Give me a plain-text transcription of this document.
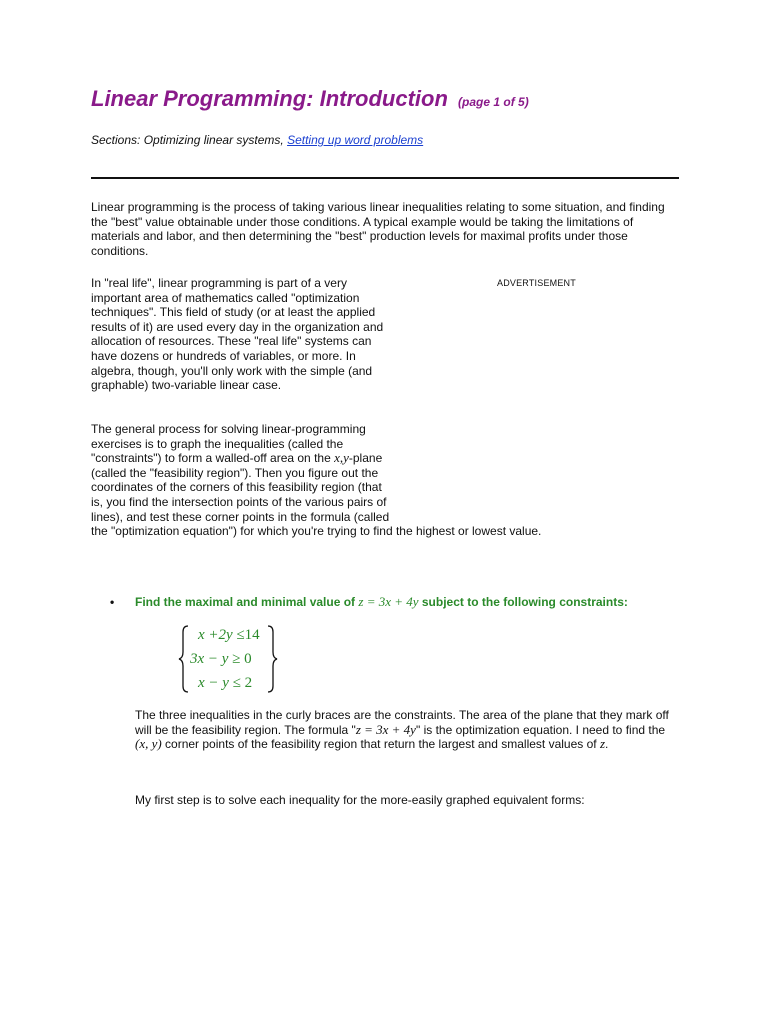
Linear Programming: Introduction (page 1 of 5)
Sections: Optimizing linear systems, Setting up word problems

Linear programming is the process of taking various linear inequalities relating to some situation, and finding the "best" value obtainable under those conditions. A typical example would be taking the limitations of materials and labor, and then determining the "best" production levels for maximal profits under those conditions.

In "real life", linear programming is part of a very important area of mathematics called "optimization techniques". This field of study (or at least the applied results of it) are used every day in the organization and allocation of resources. These "real life" systems can have dozens or hundreds of variables, or more. In algebra, though, you'll only work with the simple (and graphable) two-variable linear case.

ADVERTISEMENT

The general process for solving linear-programming exercises is to graph the inequalities (called the "constraints") to form a walled-off area on the x,y-plane (called the "feasibility region"). Then you figure out the coordinates of the corners of this feasibility region (that is, you find the intersection points of the various pairs of lines), and test these corner points in the formula (called
the "optimization equation") for which you're trying to find the highest or lowest value.

• Find the maximal and minimal value of z = 3x + 4y subject to the following constraints:
x +2y ≤14
3x − y ≥ 0
x − y ≤ 2

The three inequalities in the curly braces are the constraints. The area of the plane that they mark off will be the feasibility region. The formula "z = 3x + 4y" is the optimization equation. I need to find the (x, y) corner points of the feasibility region that return the largest and smallest values of z.

My first step is to solve each inequality for the more-easily graphed equivalent forms:
